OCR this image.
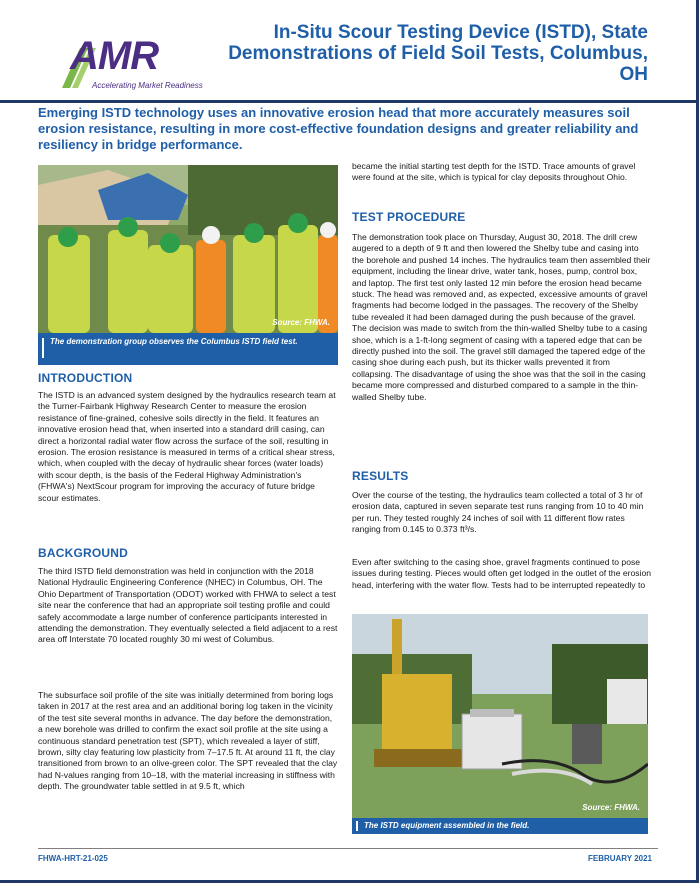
AMR
Accelerating Market Readiness
In-Situ Scour Testing Device (ISTD), State Demonstrations of Field Soil Tests, Columbus, OH
Emerging ISTD technology uses an innovative erosion head that more accurately measures soil erosion resistance, resulting in more cost-effective foundation designs and greater reliability and resiliency in bridge performance.
Source: FHWA.
The demonstration group observes the Columbus ISTD field test.
INTRODUCTION

The ISTD is an advanced system designed by the hydraulics research team at the Turner-Fairbank Highway Research Center to measure the erosion resistance of fine-grained, cohesive soils directly in the field. It features an innovative erosion head that, when inserted into a standard drill casing, can direct a horizontal radial water flow across the surface of the soil, resulting in erosion. The erosion resistance is measured in terms of a critical shear stress, which, when coupled with the decay of hydraulic shear forces (water loads) with scour depth, is the basis of the Federal Highway Administration's (FHWA's) NextScour program for improving the accuracy of future bridge scour estimates.

BACKGROUND

The third ISTD field demonstration was held in conjunction with the 2018 National Hydraulic Engineering Conference (NHEC) in Columbus, OH. The Ohio Department of Transportation (ODOT) worked with FHWA to select a test site near the conference that had an appropriate soil testing profile and could safely accommodate a large number of conference participants interested in attending the demonstration. They eventually selected a field adjacent to a rest area off Interstate 70 located roughly 30 mi west of Columbus.

The subsurface soil profile of the site was initially determined from boring logs taken in 2017 at the rest area and an additional boring log taken in the vicinity of the test site several months in advance. The day before the demonstration, a new borehole was drilled to confirm the exact soil profile at the site using a continuous standard penetration test (SPT), which revealed a layer of stiff, brown, silty clay featuring low plasticity from 7–17.5 ft. At around 11 ft, the clay transitioned from brown to an olive-green color. The SPT revealed that the clay had N-values ranging from 10–18, with the material increasing in stiffness with depth. The groundwater table settled in at 9.5 ft, which

became the initial starting test depth for the ISTD. Trace amounts of gravel were found at the site, which is typical for clay deposits throughout Ohio.

TEST PROCEDURE

The demonstration took place on Thursday, August 30, 2018. The drill crew augered to a depth of 9 ft and then lowered the Shelby tube and casing into the borehole and pushed 14 inches. The hydraulics team then assembled their equipment, including the linear drive, water tank, hoses, pump, control box, and laptop. The first test only lasted 12 min before the erosion head became stuck. The head was removed and, as expected, excessive amounts of gravel fragments had become lodged in the passages. The recovery of the Shelby tube revealed it had been damaged during the push because of the gravel. The decision was made to switch from the thin-walled Shelby tube to a casing shoe, which is a 1-ft-long segment of casing with a tapered edge that can be directly pushed into the soil. The gravel still damaged the tapered edge of the casing shoe during each push, but its thicker walls prevented it from collapsing. The disadvantage of using the shoe was that the soil in the casing became more compressed and disturbed compared to a sample in the thin-walled Shelby tube.

RESULTS

Over the course of the testing, the hydraulics team collected a total of 3 hr of erosion data, captured in seven separate test runs ranging from 10 to 40 min per run. They tested roughly 24 inches of soil with 11 different flow rates ranging from 0.145 to 0.373 ft³/s.

Even after switching to the casing shoe, gravel fragments continued to pose issues during testing. Pieces would often get lodged in the outlet of the erosion head, interfering with the water flow. Tests had to be interrupted repeatedly to

Source: FHWA.
The ISTD equipment assembled in the field.
FHWA-HRT-21-025	FEBRUARY 2021
